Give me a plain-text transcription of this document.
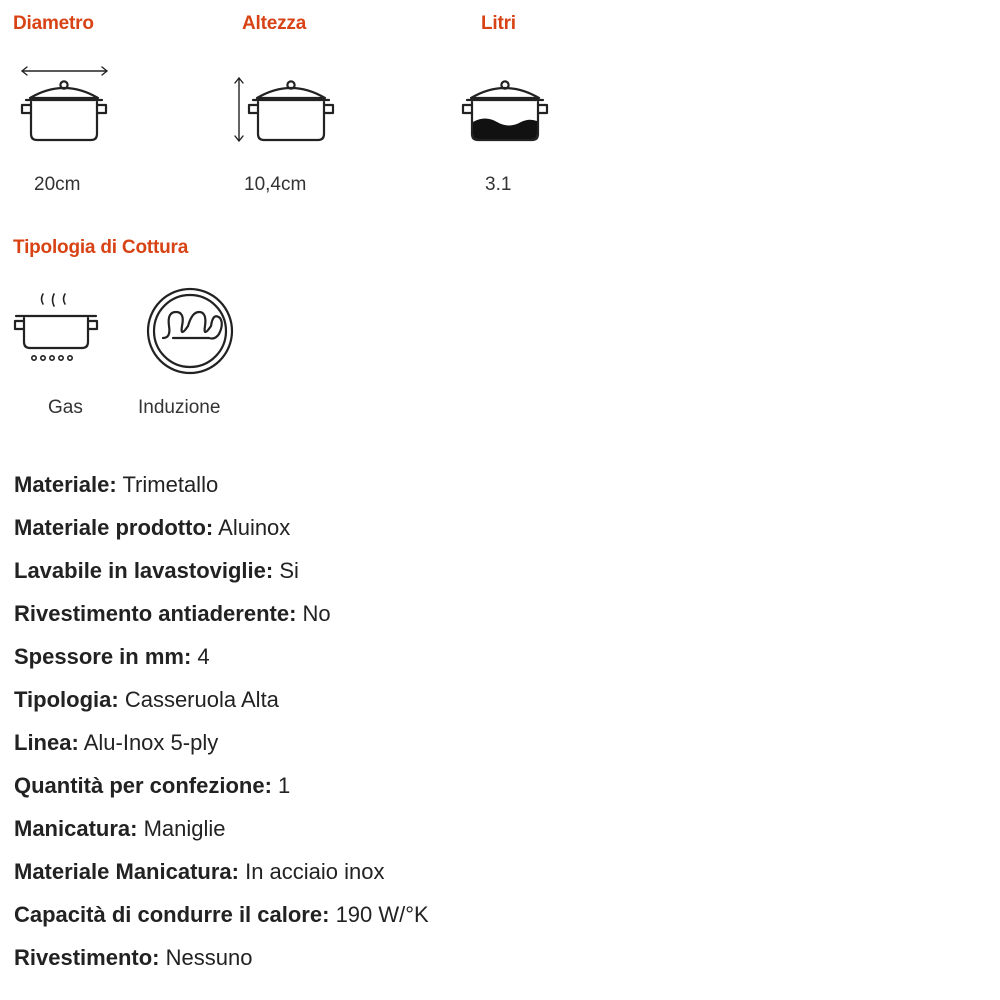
Diametro	Altezza	Litri
20cm	10,4cm	3.1
Tipologia di Cottura
Gas	Induzione
Materiale: Trimetallo
Materiale prodotto: Aluinox
Lavabile in lavastoviglie: Si
Rivestimento antiaderente: No
Spessore in mm: 4
Tipologia: Casseruola Alta
Linea: Alu-Inox 5-ply
Quantità per confezione: 1
Manicatura: Maniglie
Materiale Manicatura: In acciaio inox
Capacità di condurre il calore: 190 W/°K
Rivestimento: Nessuno
